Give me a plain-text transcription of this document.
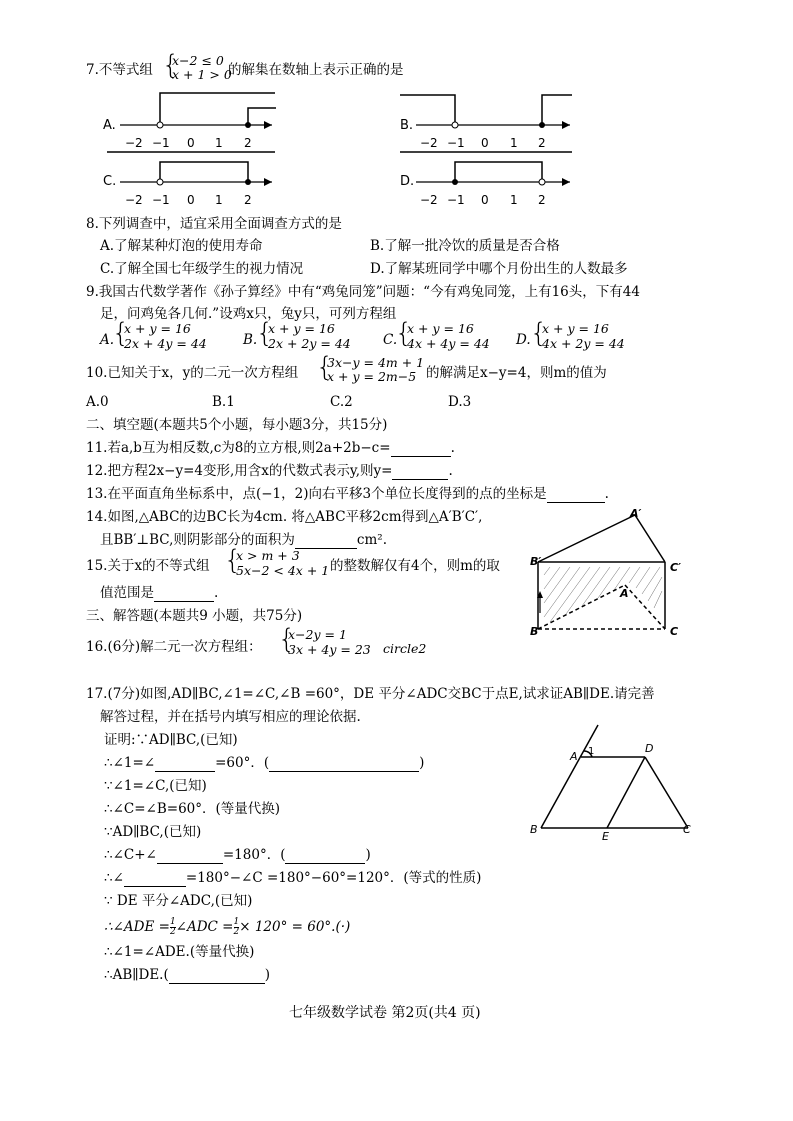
7.不等式组 {
x−2 ≤ 0
x + 1 > 0
的解集在数轴上表示正确的是
A.	B.
C.	D.
−2 −1 0 1 2	−2 −1 0 1 2
−2 −1 0 1 2	−2 −1 0 1 2
8.下列调查中，适宜采用全面调查方式的是
A.了解某种灯泡的使用寿命	B.了解一批冷饮的质量是否合格
C.了解全国七年级学生的视力情况	D.了解某班同学中哪个月份出生的人数最多
9.我国古代数学著作《孙子算经》中有“鸡兔同笼”问题：“今有鸡兔同笼，上有16头，下有44
足，问鸡兔各几何.”设鸡x只，兔y只，可列方程组
A.
{
x + y = 16
2x + 4y = 44	B.
{
x + y = 16
2x + 2y = 44 C.
{
x + y = 16
4x + 4y = 44 D. {
x + y = 16
4x + 2y = 44
10.已知关于x，y的二元一次方程组 {
3x−y = 4m + 1
x + y = 2m−5 的解满足x−y=4，则m的值为
A.0	B.1	C.2	D.3
二、填空题(本题共5个小题，每小题3分，共15分)
11.若a,b互为相反数,c为8的立方根,则2a+2b−c=	.
12.把方程2x−y=4变形,用含x的代数式表示y,则y=	.
13.在平面直角坐标系中，点(−1，2)向右平移3个单位长度得到的点的坐标是	.
14.如图,△ABC的边BC长为4cm. 将△ABC平移2cm得到△A′B′C′,
且BB′⊥BC,则阴影部分的面积为	cm².
15.关于x的不等式组 {
x > m + 3
5x−2 < 4x + 1 的整数解仅有4个，则m的取
值范围是	.
三、解答题(本题共9 小题，共75分)
16.(6分)解二元一次方程组： {
x−2y = 1
3x + 4y = 23 circle2
A′
B′	C′
A
B	C
17.(7分)如图,AD∥BC,∠1=∠C,∠B =60°，DE 平分∠ADC交BC于点E,试求证AB∥DE.请完善
解答过程，并在括号内填写相应的理论依据.
证明:∵AD∥BC,(已知)
∴∠1=∠	=60°．(	)
∵∠1=∠C,(已知)
∴∠C=∠B=60°．(等量代换)
∵AD∥BC,(已知)
∴∠C+∠	=180°．(	)
∴∠	=180°−∠C =180°−60°=120°．(等式的性质)
∵ DE 平分∠ADC,(已知)
∴∠ADE = $\frac{1}{2}$ ∠ADC = $\frac{1}{2} \times 120^\circ = 60^\circ.(\cdot)$
∴∠1=∠ADE.(等量代换)
∴AB∥DE.(	)
A
D
B
E
C
1
七年级数学试卷 第2页(共4 页)
